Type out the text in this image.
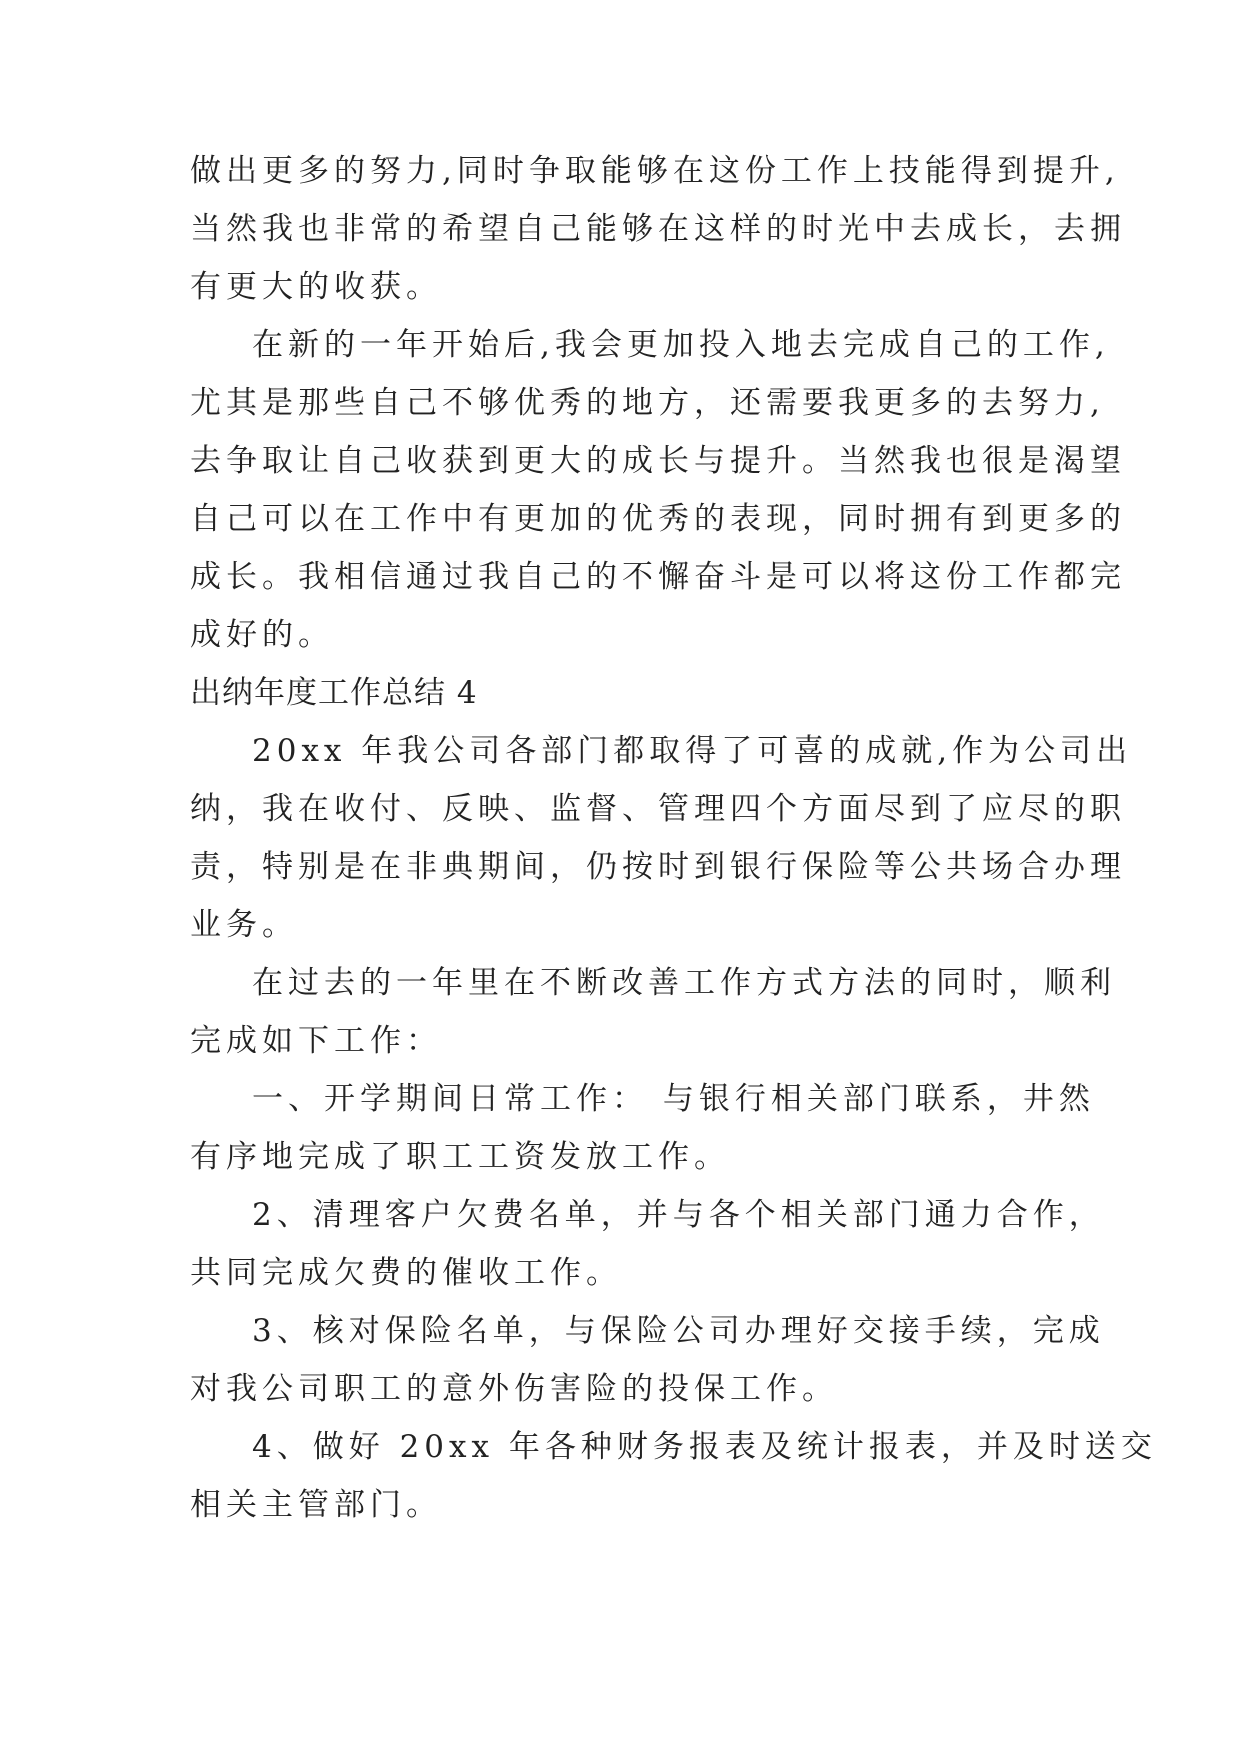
做出更多的努力,同时争取能够在这份工作上技能得到提升,
当然我也非常的希望自己能够在这样的时光中去成长，去拥
有更大的收获。
在新的一年开始后,我会更加投入地去完成自己的工作,
尤其是那些自己不够优秀的地方，还需要我更多的去努力,
去争取让自己收获到更大的成长与提升。当然我也很是渴望
自己可以在工作中有更加的优秀的表现，同时拥有到更多的
成长。我相信通过我自己的不懈奋斗是可以将这份工作都完
成好的。
出纳年度工作总结 4
20xx 年我公司各部门都取得了可喜的成就,作为公司出
纳，我在收付、反映、监督、管理四个方面尽到了应尽的职
责，特别是在非典期间，仍按时到银行保险等公共场合办理
业务。
在过去的一年里在不断改善工作方式方法的同时，顺利
完成如下工作：
一、开学期间日常工作： 与银行相关部门联系，井然
有序地完成了职工工资发放工作。
2、清理客户欠费名单，并与各个相关部门通力合作，
共同完成欠费的催收工作。
3、核对保险名单，与保险公司办理好交接手续，完成
对我公司职工的意外伤害险的投保工作。
4、做好 20xx 年各种财务报表及统计报表，并及时送交
相关主管部门。
